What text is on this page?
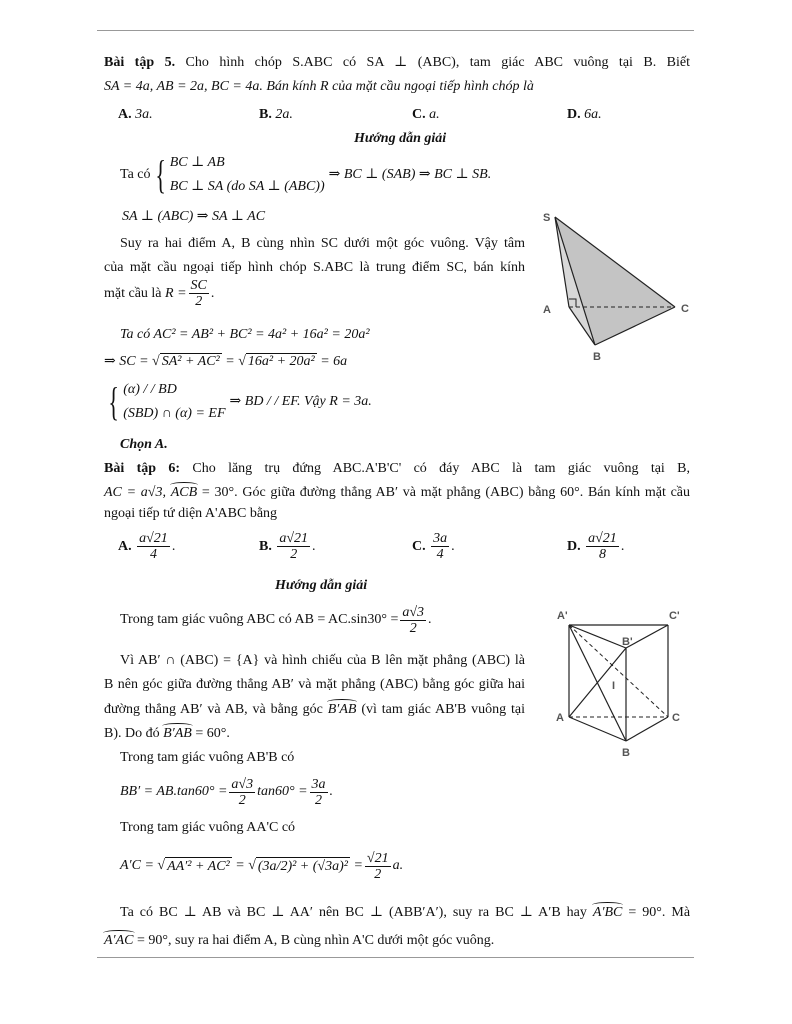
Bài tập 5. Cho hình chóp S.ABC có SA ⊥ (ABC), tam giác ABC vuông tại B. Biết
SA = 4a, AB = 2a, BC = 4a. Bán kính R của mặt cầu ngoại tiếp hình chóp là
A. 3a.	B. 2a.	C. a.	D. 6a.
Hướng dẫn giải
Ta có { BC ⊥ AB
BC ⊥ SA (do SA ⊥ (ABC))
⇒ BC ⊥ (SAB) ⇒ BC ⊥ SB.
SA ⊥ (ABC) ⇒ SA ⊥ AC
Suy ra hai điểm A, B cùng nhìn SC dưới một góc vuông. Vậy tâm
của mặt cầu ngoại tiếp hình chóp S.ABC là trung điểm SC, bán kính
mặt cầu là
$R = \frac{SC}{2}$ .
Ta có AC² = AB² + BC² = 4a² + 16a² = 20a²
⇒ SC = √ SA² + AC² = √ 16a² + 20a² = 6a
{ (α) / / BD
(SBD) ∩ (α) = EF
⇒ BD / / EF. Vậy R = 3a.
Chọn A.
S
A
B
C
Bài tập 6: Cho lăng trụ đứng ABC.A'B'C' có đáy ABC là tam giác vuông tại B,
AC = a√3, ACB = 30°. Góc giữa đường thẳng AB′ và mặt phẳng (ABC) bằng 60°. Bán kính mặt cầu
ngoại tiếp tứ diện A'ABC bằng
A.
$\frac{a√21}{4}$ .	B.
$\frac{a√21}{2}$ .	C.
$\frac{3a}{4}$ .	D.
$\frac{a√21}{8}$ .
Hướng dẫn giải
Trong tam giác vuông ABC có AB = $AC.\sin 30^\circ = \frac{a√3}{2}$ .
Vì AB′ ∩ (ABC) = {A} và hình chiếu của B lên mặt phẳng (ABC) là
B nên góc giữa đường thẳng AB′ và mặt phẳng (ABC) bằng góc giữa hai
đường thẳng AB′ và AB, và bằng góc B′AB (vì tam giác AB'B vuông tại
B). Do đó B′AB = 60°.
Trong tam giác vuông AB'B có
$BB' = AB.\tan 60^\circ = \frac{a√3}{2} \tan 60^\circ = \frac{3a}{2}$ .
Trong tam giác vuông AA'C có
A′C = √ AA′² + AC²
= √ (3a/2)² + (√3a)²
= $\frac{√21}{2} a$.
Ta có BC ⊥ AB và BC ⊥ AA′ nên BC ⊥ (ABB′A′), suy ra BC ⊥ A′B hay A′BC = 90°. Mà
A′AC = 90°, suy ra hai điểm A, B cùng nhìn A'C dưới một góc vuông.
A'	C'
B'
I
A	C
B
